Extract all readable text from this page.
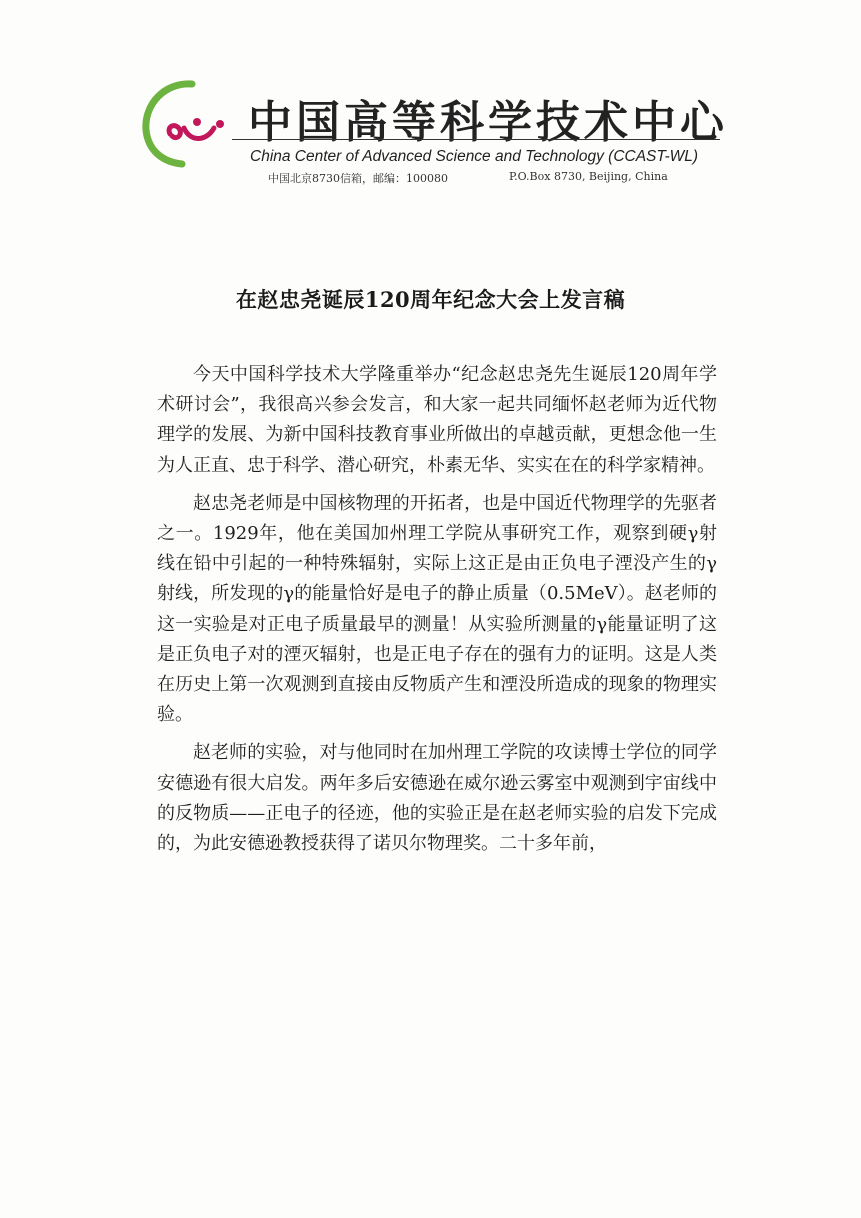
中国高等科学技术中心
China Center of Advanced Science and Technology (CCAST-WL)
中国北京8730信箱，邮编：100080	P.O.Box 8730, Beijing, China
在赵忠尧诞辰120周年纪念大会上发言稿

今天中国科学技术大学隆重举办“纪念赵忠尧先生诞辰120周年学术研讨会”，我很高兴参会发言，和大家一起共同缅怀赵老师为近代物理学的发展、为新中国科技教育事业所做出的卓越贡献，更想念他一生为人正直、忠于科学、潜心研究，朴素无华、实实在在的科学家精神。

赵忠尧老师是中国核物理的开拓者，也是中国近代物理学的先驱者之一。1929年，他在美国加州理工学院从事研究工作，观察到硬γ射线在铅中引起的一种特殊辐射，实际上这正是由正负电子湮没产生的γ射线，所发现的γ的能量恰好是电子的静止质量（0.5MeV）。赵老师的这一实验是对正电子质量最早的测量！从实验所测量的γ能量证明了这是正负电子对的湮灭辐射，也是正电子存在的强有力的证明。这是人类在历史上第一次观测到直接由反物质产生和湮没所造成的现象的物理实验。

赵老师的实验，对与他同时在加州理工学院的攻读博士学位的同学安德逊有很大启发。两年多后安德逊在威尔逊云雾室中观测到宇宙线中的反物质——正电子的径迹，他的实验正是在赵老师实验的启发下完成的，为此安德逊教授获得了诺贝尔物理奖。二十多年前，
